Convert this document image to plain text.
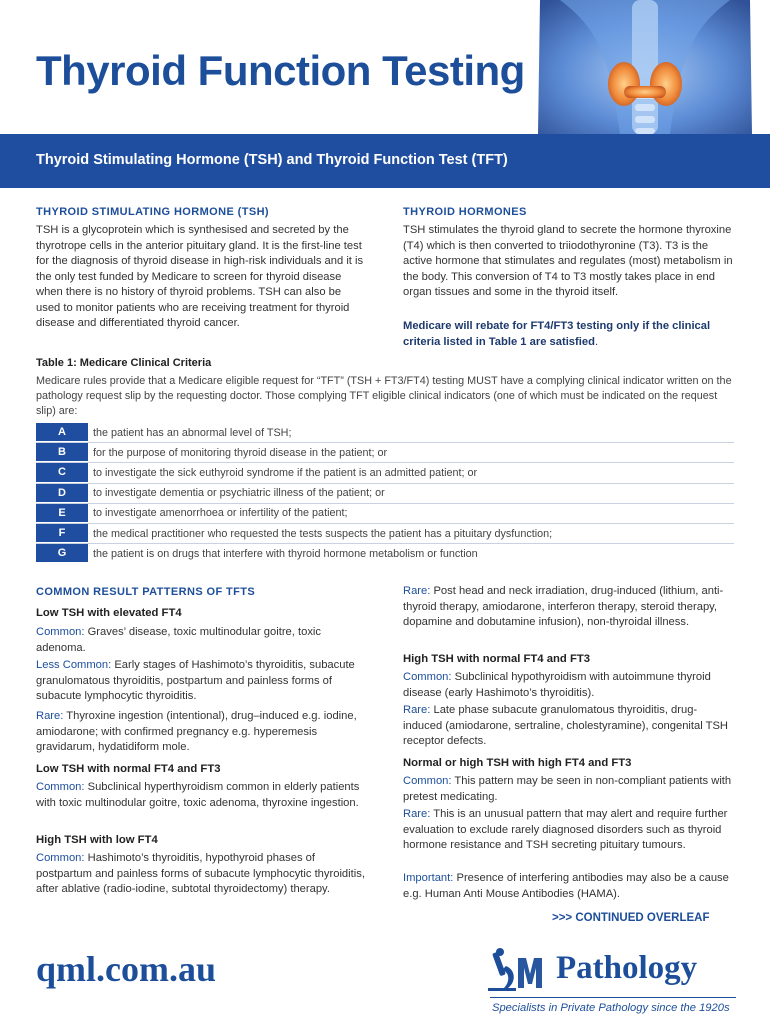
Thyroid Function Testing
Thyroid Stimulating Hormone (TSH) and Thyroid Function Test (TFT)
THYROID STIMULATING HORMONE (TSH)
TSH is a glycoprotein which is synthesised and secreted by the thyrotrope cells in the anterior pituitary gland. It is the first-line test for the diagnosis of thyroid disease in high-risk individuals and it is the only test funded by Medicare to screen for thyroid disease when there is no history of thyroid problems. TSH can also be used to monitor patients who are receiving treatment for thyroid disease and differentiated thyroid cancer.
THYROID HORMONES
TSH stimulates the thyroid gland to secrete the hormone thyroxine (T4) which is then converted to triiodothyronine (T3). T3 is the active hormone that stimulates and regulates (most) metabolism in the body. This conversion of T4 to T3 mostly takes place in end organ tissues and some in the thyroid itself.
Medicare will rebate for FT4/FT3 testing only if the clinical criteria listed in Table 1 are satisfied.
Table 1: Medicare Clinical Criteria
Medicare rules provide that a Medicare eligible request for “TFT” (TSH + FT3/FT4) testing MUST have a complying clinical indicator written on the pathology request slip by the requesting doctor. Those complying TFT eligible clinical indicators (one of which must be indicated on the request slip) are:
A	the patient has an abnormal level of TSH;
B	for the purpose of monitoring thyroid disease in the patient; or
C	to investigate the sick euthyroid syndrome if the patient is an admitted patient; or
D	to investigate dementia or psychiatric illness of the patient; or
E	to investigate amenorrhoea or infertility of the patient;
F	the medical practitioner who requested the tests suspects the patient has a pituitary dysfunction;
G	the patient is on drugs that interfere with thyroid hormone metabolism or function
COMMON RESULT PATTERNS OF TFTS
Low TSH with elevated FT4
Common: Graves’ disease, toxic multinodular goitre, toxic adenoma.
Less Common: Early stages of Hashimoto’s thyroiditis, subacute granulomatous thyroiditis, postpartum and painless forms of subacute lymphocytic thyroiditis.
Rare: Thyroxine ingestion (intentional), drug–induced e.g. iodine, amiodarone; with confirmed pregnancy e.g. hyperemesis gravidarum, hydatidiform mole.
Low TSH with normal FT4 and FT3
Common: Subclinical hyperthyroidism common in elderly patients with toxic multinodular goitre, toxic adenoma, thyroxine ingestion.
High TSH with low FT4
Common: Hashimoto’s thyroiditis, hypothyroid phases of postpartum and painless forms of subacute lymphocytic thyroiditis, after ablative (radio-iodine, subtotal thyroidectomy) therapy.
Rare: Post head and neck irradiation, drug-induced (lithium, anti-thyroid therapy, amiodarone, interferon therapy, steroid therapy, dopamine and dobutamine infusion), non-thyroidal illness.
High TSH with normal FT4 and FT3
Common: Subclinical hypothyroidism with autoimmune thyroid disease (early Hashimoto’s thyroiditis).
Rare: Late phase subacute granulomatous thyroiditis, drug-induced (amiodarone, sertraline, cholestyramine), congenital TSH receptor defects.
Normal or high TSH with high FT4 and FT3
Common: This pattern may be seen in non-compliant patients with pretest medicating.
Rare: This is an unusual pattern that may alert and require further evaluation to exclude rarely diagnosed disorders such as thyroid hormone resistance and TSH secreting pituitary tumours.
Important: Presence of interfering antibodies may also be a cause e.g. Human Anti Mouse Antibodies (HAMA).
>>> CONTINUED OVERLEAF
qml.com.au	Pathology
Specialists in Private Pathology since the 1920s
